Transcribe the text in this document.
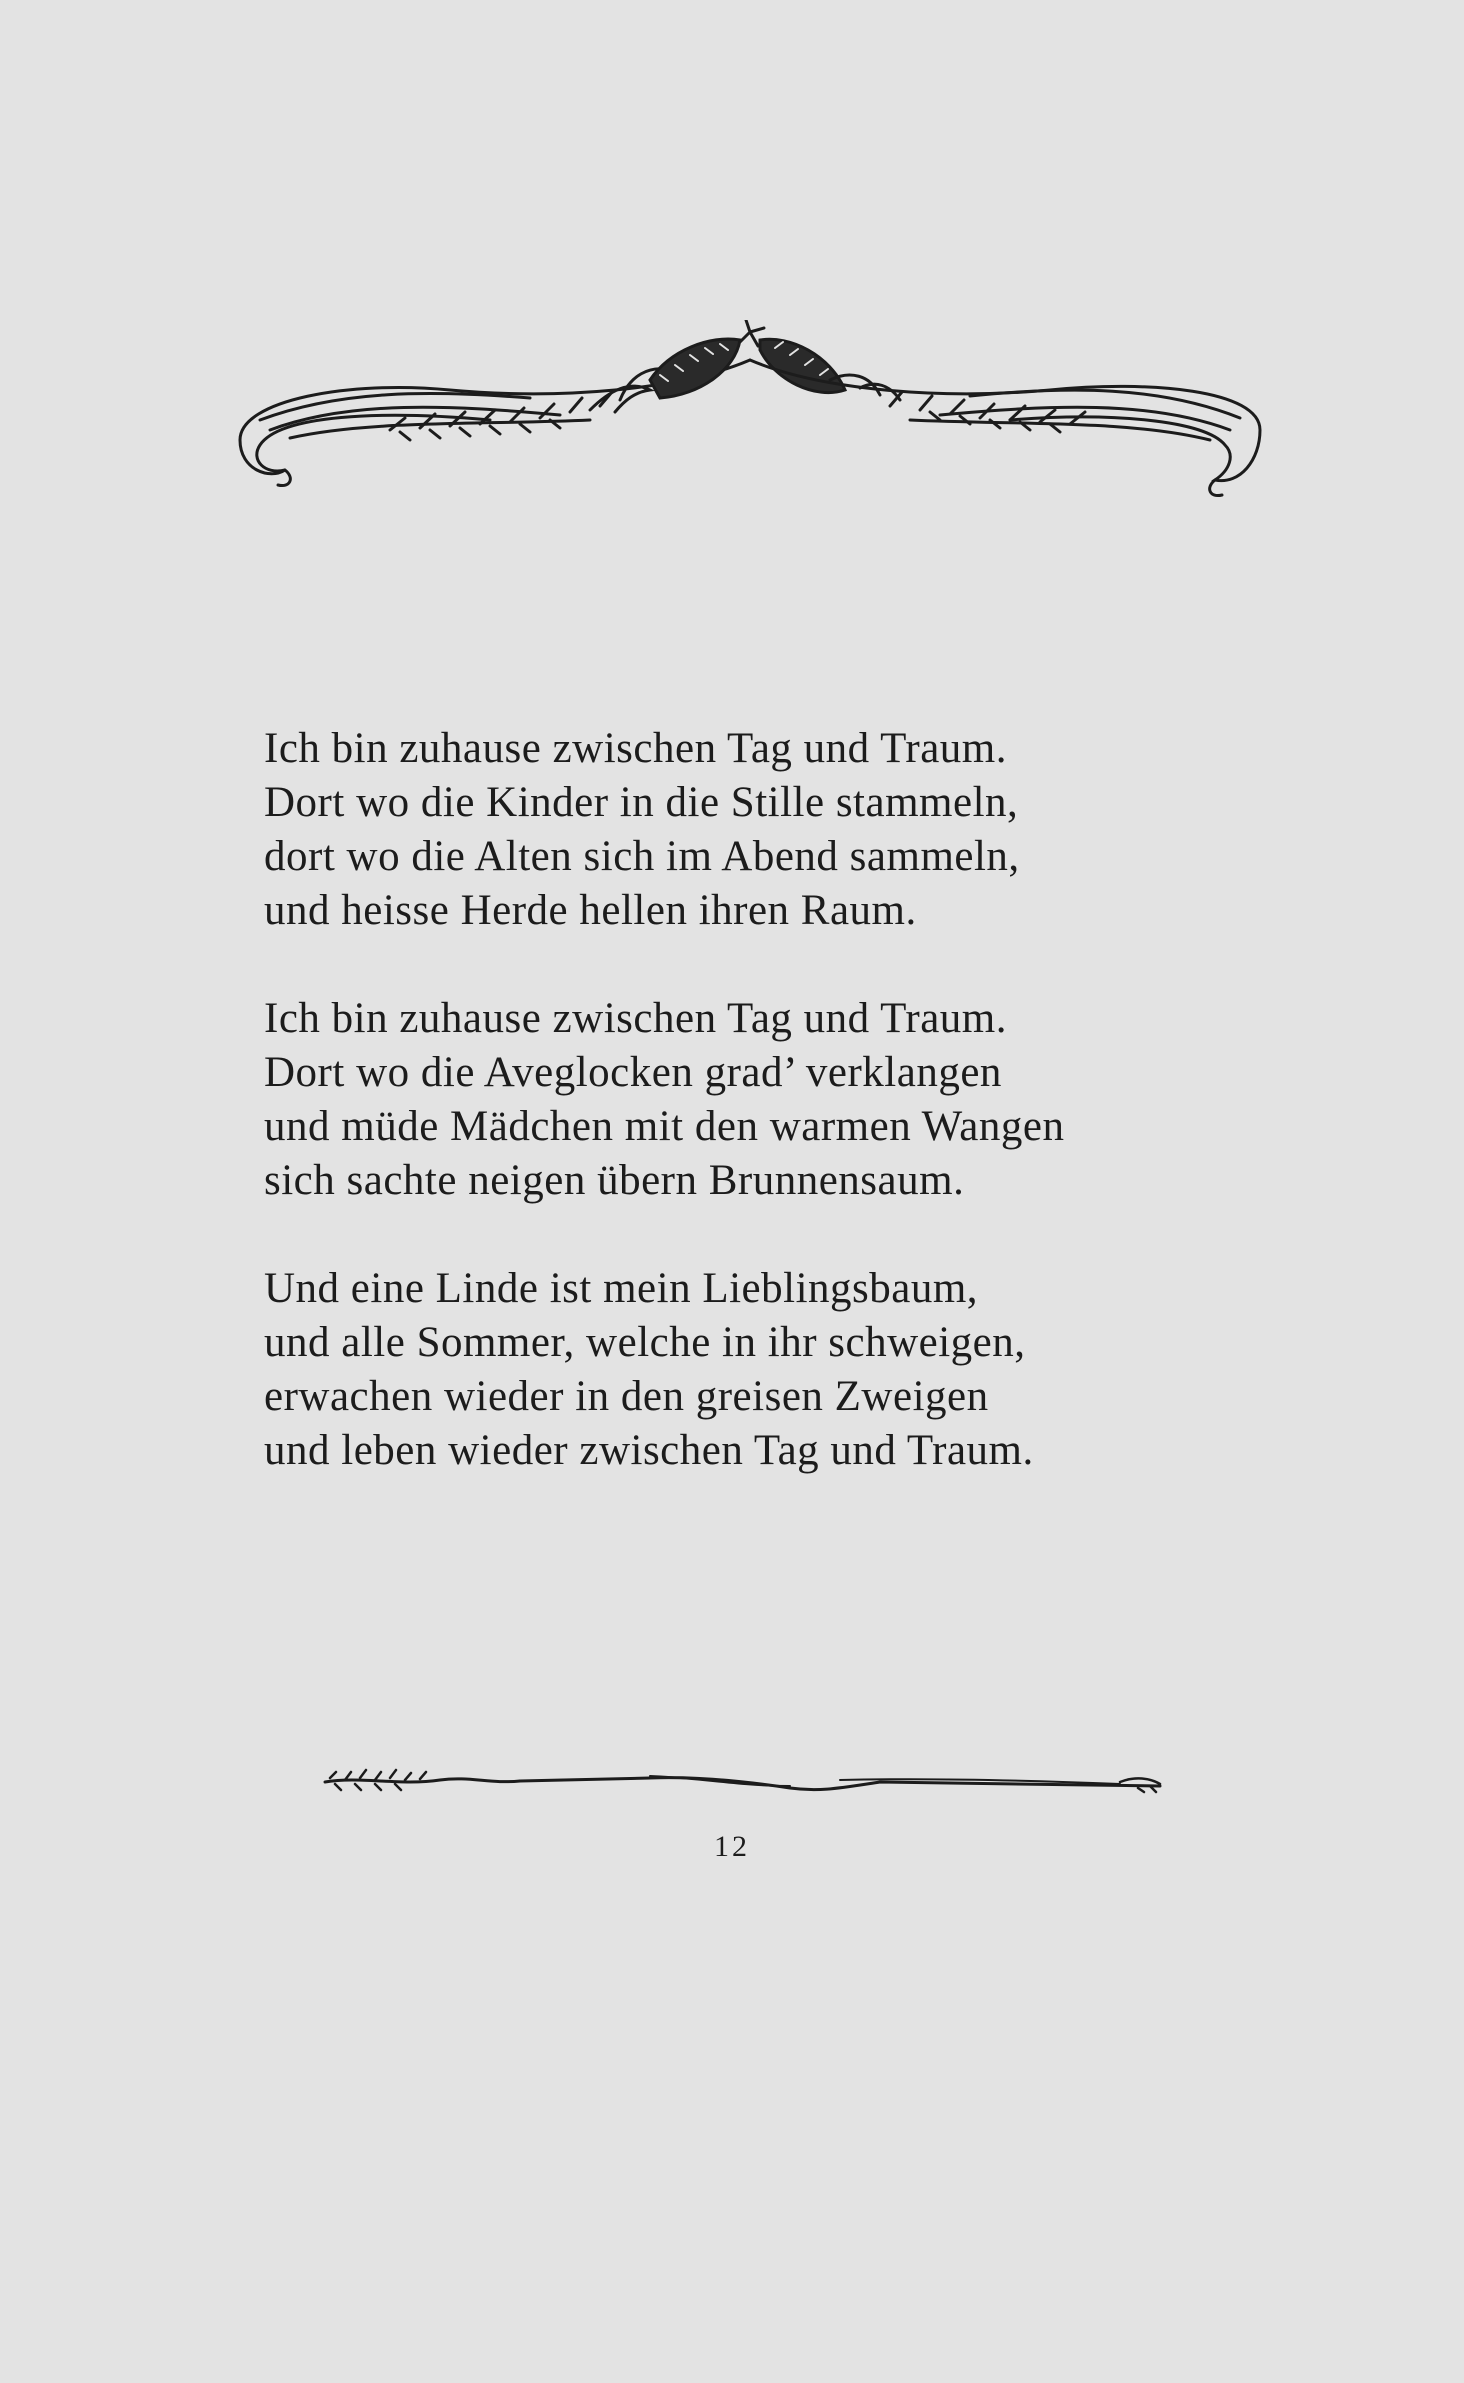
Ich bin zuhause zwischen Tag und Traum.
Dort wo die Kinder in die Stille stammeln,
dort wo die Alten sich im Abend sammeln,
und heisse Herde hellen ihren Raum.
Ich bin zuhause zwischen Tag und Traum.
Dort wo die Aveglocken grad’ verklangen
und müde Mädchen mit den warmen Wangen
sich sachte neigen übern Brunnensaum.
Und eine Linde ist mein Lieblingsbaum,
und alle Sommer, welche in ihr schweigen,
erwachen wieder in den greisen Zweigen
und leben wieder zwischen Tag und Traum.
12
